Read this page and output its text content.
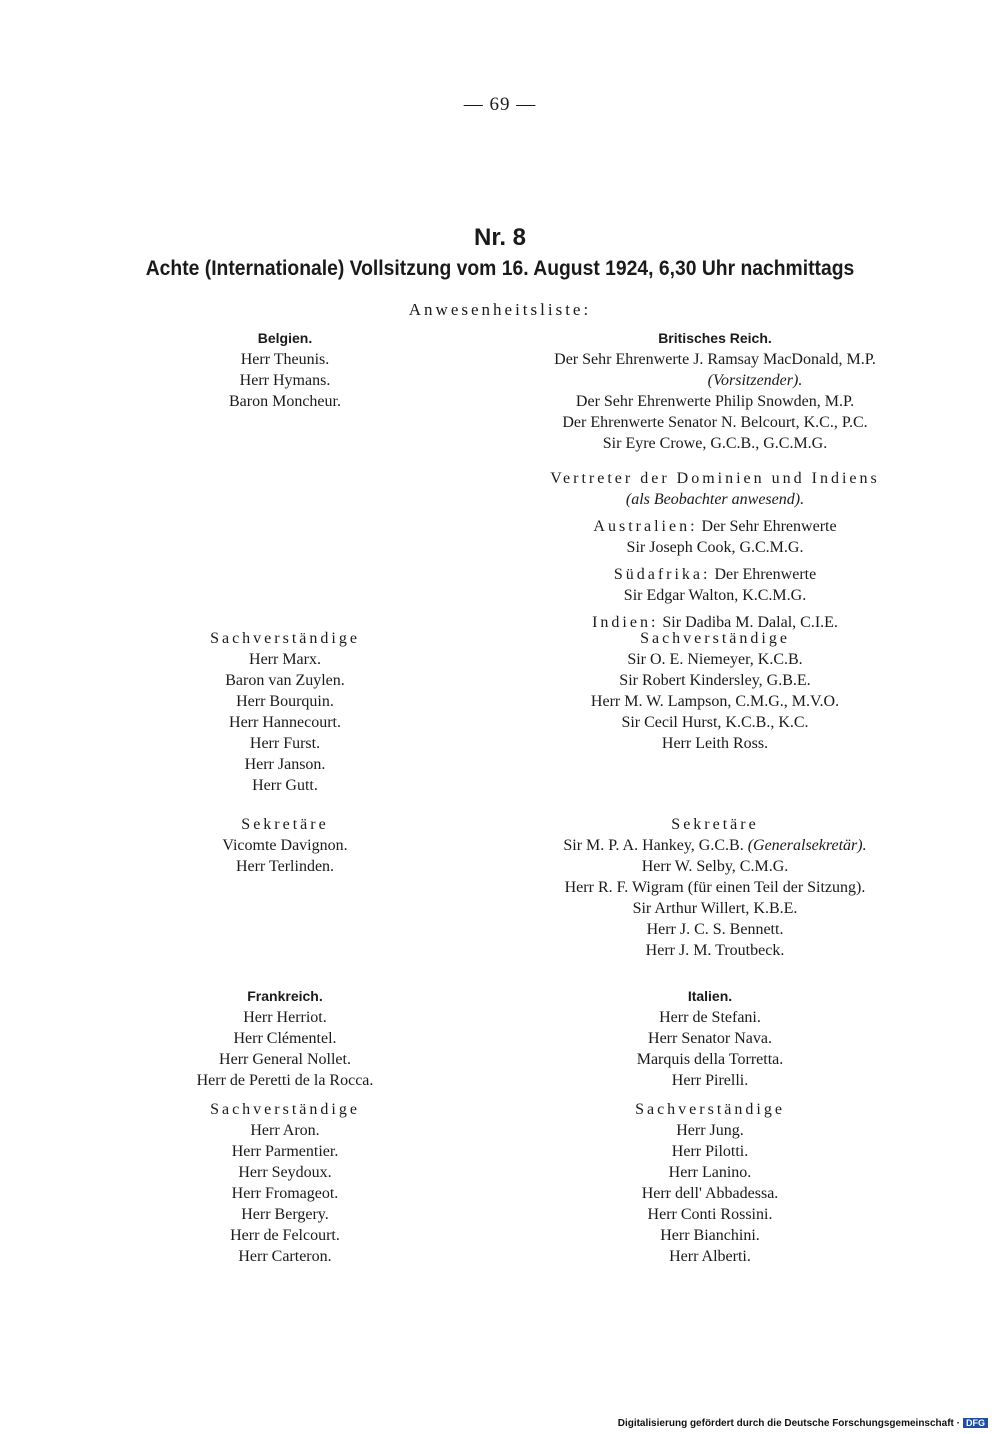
— 69 —
Nr. 8
Achte (Internationale) Vollsitzung vom 16. August 1924, 6,30 Uhr nachmittags
Anwesenheitsliste:
Belgien.
Herr Theunis.
Herr Hymans.
Baron Moncheur.
Sachverständige
Herr Marx.
Baron van Zuylen.
Herr Bourquin.
Herr Hannecourt.
Herr Furst.
Herr Janson.
Herr Gutt.
Sekretäre
Vicomte Davignon.
Herr Terlinden.
Britisches Reich.
Der Sehr Ehrenwerte J. Ramsay MacDonald, M.P.
(Vorsitzender).
Der Sehr Ehrenwerte Philip Snowden, M.P.
Der Ehrenwerte Senator N. Belcourt, K.C., P.C.
Sir Eyre Crowe, G.C.B., G.C.M.G.
Vertreter der Dominien und Indiens
(als Beobachter anwesend).
Australien: Der Sehr Ehrenwerte
Sir Joseph Cook, G.C.M.G.
Südafrika: Der Ehrenwerte
Sir Edgar Walton, K.C.M.G.
Indien: Sir Dadiba M. Dalal, C.I.E.
Sachverständige
Sir O. E. Niemeyer, K.C.B.
Sir Robert Kindersley, G.B.E.
Herr M. W. Lampson, C.M.G., M.V.O.
Sir Cecil Hurst, K.C.B., K.C.
Herr Leith Ross.
Sekretäre
Sir M. P. A. Hankey, G.C.B. (Generalsekretär).
Herr W. Selby, C.M.G.
Herr R. F. Wigram (für einen Teil der Sitzung).
Sir Arthur Willert, K.B.E.
Herr J. C. S. Bennett.
Herr J. M. Troutbeck.
Frankreich.
Herr Herriot.
Herr Clémentel.
Herr General Nollet.
Herr de Peretti de la Rocca.
Sachverständige
Herr Aron.
Herr Parmentier.
Herr Seydoux.
Herr Fromageot.
Herr Bergery.
Herr de Felcourt.
Herr Carteron.
Italien.
Herr de Stefani.
Herr Senator Nava.
Marquis della Torretta.
Herr Pirelli.
Sachverständige
Herr Jung.
Herr Pilotti.
Herr Lanino.
Herr dell' Abbadessa.
Herr Conti Rossini.
Herr Bianchini.
Herr Alberti.
Digitalisierung gefördert durch die Deutsche Forschungsgemeinschaft · DFG
